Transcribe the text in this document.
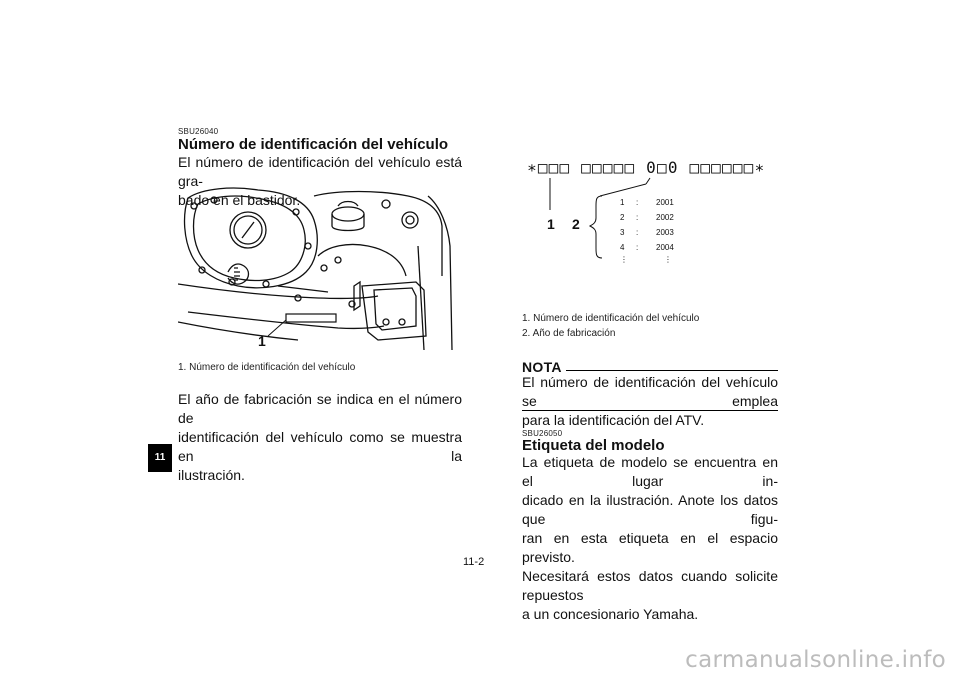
SBU26040
Número de identificación del vehículo
El número de identificación del vehículo está gra-
bado en el bastidor.
1
1. Número de identificación del vehículo
El año de fabricación se indica en el número de
identificación del vehículo como se muestra en la
ilustración.
∗□□□ □□□□□ 0□0 □□□□□□∗
1 2
1 : 2001
2 : 2002
3 : 2003
4 : 2004
⋮	⋮
1. Número de identificación del vehículo
2. Año de fabricación
NOTA
El número de identificación del vehículo se emplea
para la identificación del ATV.
SBU26050
Etiqueta del modelo
La etiqueta de modelo se encuentra en el lugar in-
dicado en la ilustración. Anote los datos que figu-
ran en esta etiqueta en el espacio previsto.
Necesitará estos datos cuando solicite repuestos
a un concesionario Yamaha.
11
11-2
carmanualsonline.info
